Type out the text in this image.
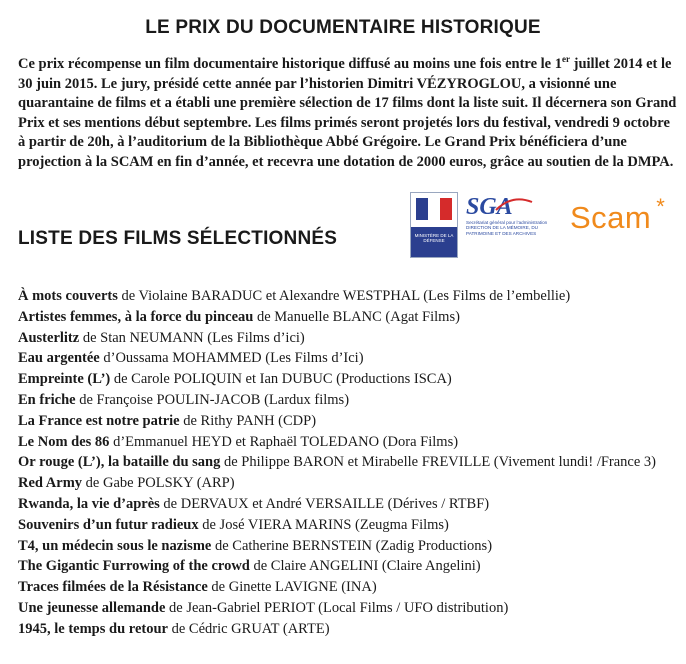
LE PRIX DU DOCUMENTAIRE HISTORIQUE

Ce prix récompense un film documentaire historique diffusé au moins une fois entre le 1er juillet 2014 et le 30 juin 2015. Le jury, présidé cette année par l’historien Dimitri VÉZYROGLOU, a visionné une quarantaine de films et a établi une première sélection de 17 films dont la liste suit. Il décernera son Grand Prix et ses mentions début septembre. Les films primés seront projetés lors du festival, vendredi 9 octobre à partir de 20h, à l’auditorium de la Bibliothèque Abbé Grégoire. Le Grand Prix bénéficiera d’une projection à la SCAM en fin d’année, et recevra une dotation de 2000 euros, grâce au soutien de la DMPA.

MINISTÈRE DE LA DÉFENSE
SGA
Secrétariat général pour l’administration
DIRECTION DE LA MÉMOIRE, DU
PATRIMOINE ET DES ARCHIVES	Scam *
LISTE DES FILMS SÉLECTIONNÉS
À mots couverts de Violaine BARADUC et Alexandre WESTPHAL (Les Films de l’embellie)
Artistes femmes, à la force du pinceau de Manuelle BLANC (Agat Films)
Austerlitz de Stan NEUMANN (Les Films d’ici)
Eau argentée d’Oussama MOHAMMED (Les Films d’Ici)
Empreinte (L’) de Carole POLIQUIN et Ian DUBUC (Productions ISCA)
En friche de Françoise POULIN-JACOB (Lardux films)
La France est notre patrie de Rithy PANH (CDP)
Le Nom des 86 d’Emmanuel HEYD et Raphaël TOLEDANO (Dora Films)
Or rouge (L’), la bataille du sang de Philippe BARON et Mirabelle FREVILLE (Vivement lundi! /France 3)
Red Army de Gabe POLSKY (ARP)
Rwanda, la vie d’après de DERVAUX et André VERSAILLE (Dérives / RTBF)
Souvenirs d’un futur radieux de José VIERA MARINS (Zeugma Films)
T4, un médecin sous le nazisme de Catherine BERNSTEIN (Zadig Productions)
The Gigantic Furrowing of the crowd de Claire ANGELINI (Claire Angelini)
Traces filmées de la Résistance de Ginette LAVIGNE (INA)
Une jeunesse allemande de Jean-Gabriel PERIOT (Local Films / UFO distribution)
1945, le temps du retour de Cédric GRUAT (ARTE)
